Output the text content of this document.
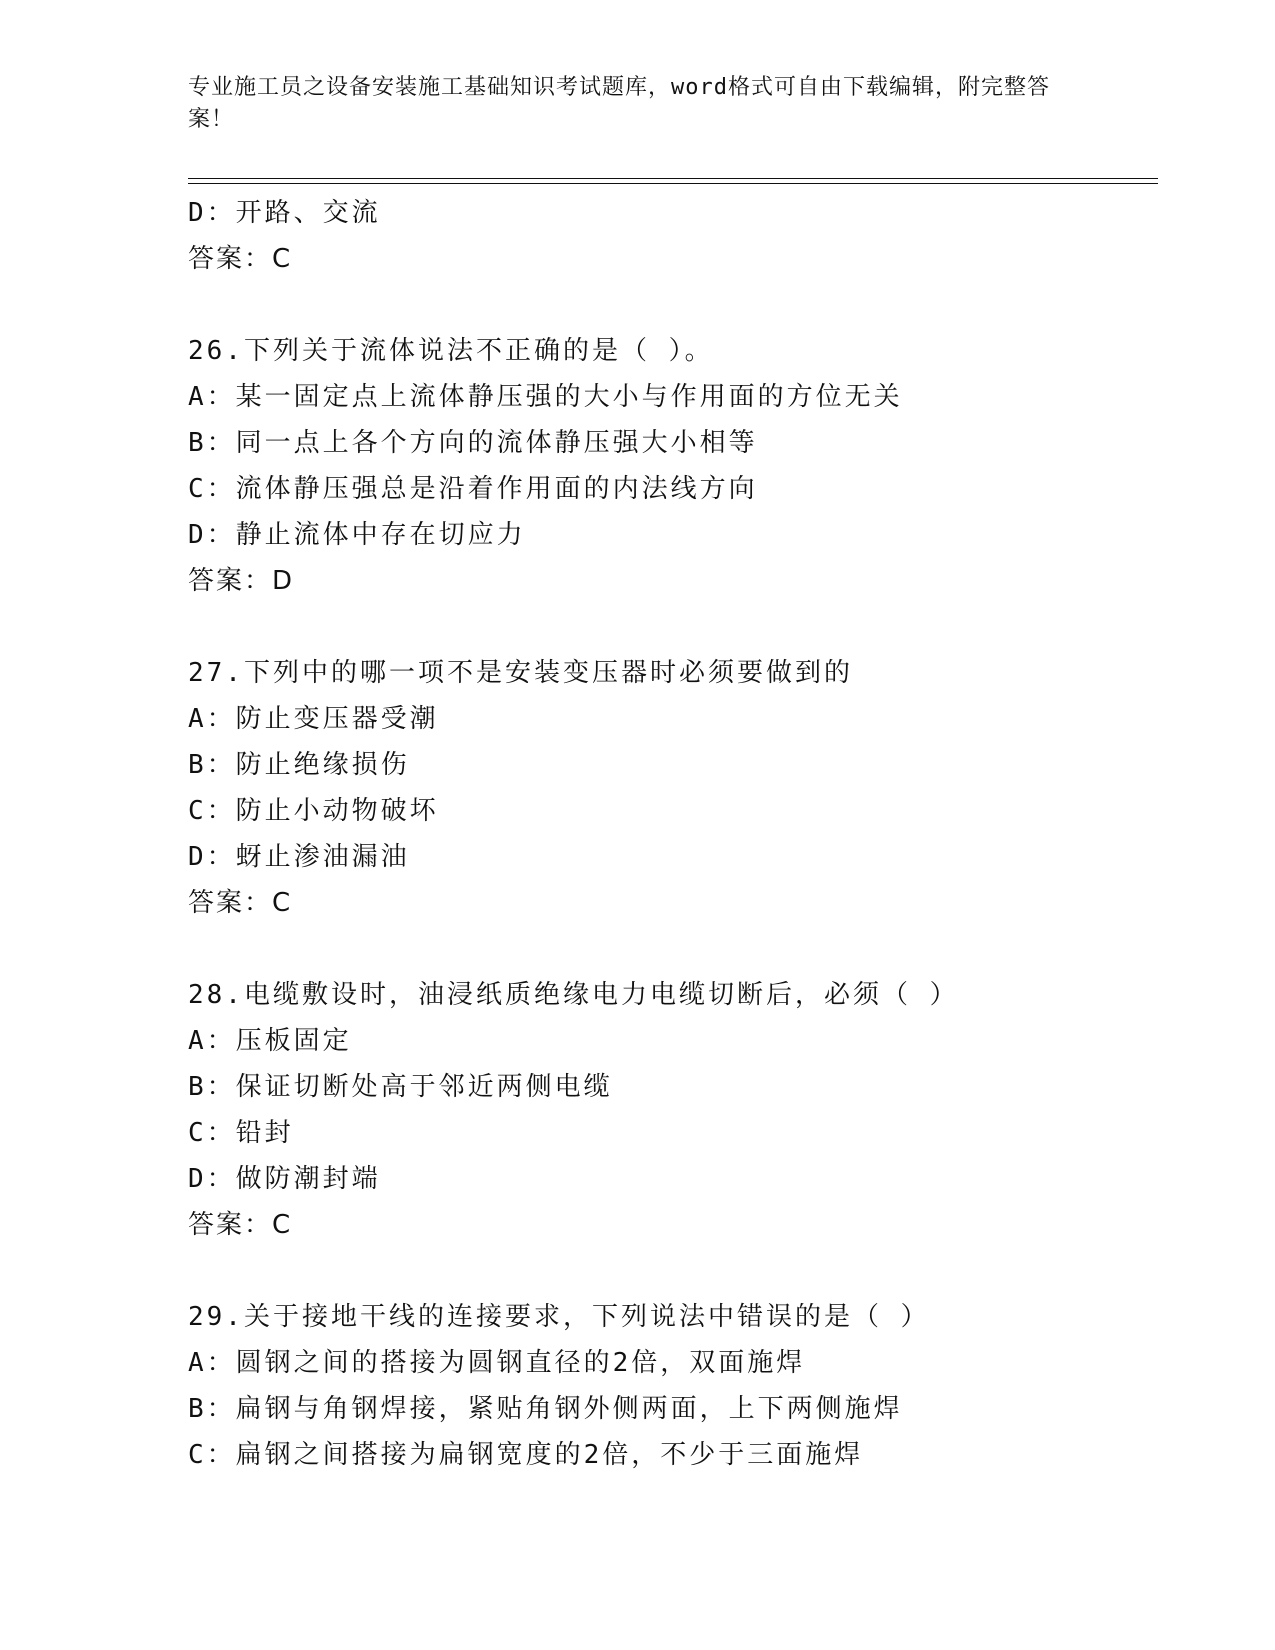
专业施工员之设备安装施工基础知识考试题库，word格式可自由下载编辑，附完整答案！
D：开路、交流
答案：C
26.下列关于流体说法不正确的是（ ）。
A：某一固定点上流体静压强的大小与作用面的方位无关
B：同一点上各个方向的流体静压强大小相等
C：流体静压强总是沿着作用面的内法线方向
D：静止流体中存在切应力
答案：D
27.下列中的哪一项不是安装变压器时必须要做到的
A：防止变压器受潮
B：防止绝缘损伤
C：防止小动物破坏
D：蚜止渗油漏油
答案：C
28.电缆敷设时，油浸纸质绝缘电力电缆切断后，必须（ ）
A：压板固定
B：保证切断处高于邻近两侧电缆
C：铅封
D：做防潮封端
答案：C
29.关于接地干线的连接要求，下列说法中错误的是（ ）
A：圆钢之间的搭接为圆钢直径的2倍，双面施焊
B：扁钢与角钢焊接，紧贴角钢外侧两面，上下两侧施焊
C：扁钢之间搭接为扁钢宽度的2倍，不少于三面施焊
